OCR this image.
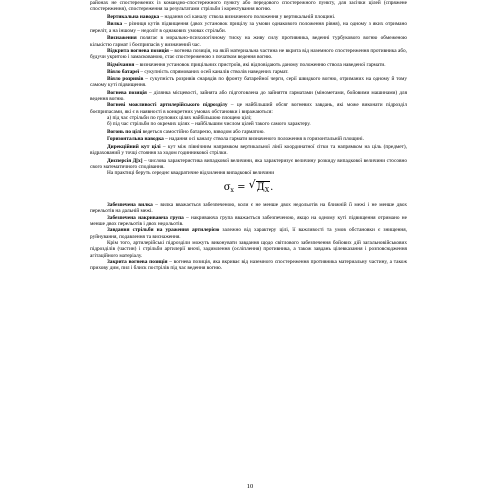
районах не спостережених із командно-спостережного пункту або передового спостережного пункту, для засічки цілей (спряжене спостереження), спостереження за результатами стрільби і коректування вогню.

Вертикальна наводка – надання осі каналу ствола визначеного положення у вертикальній площині.

Вилка – різниця кутів підвищення (двох установок прицілу за умови однакового положення рівня), на одному з яких отримано переліт, а на іншому – недоліт в однакових умовах стрільби.

Виснаження полягає в морально-психологічному тиску на живу силу противника, веденні турбукового вогню обмеженою кількістю гармат і боєприпасів у визначений час.

Відкрита вогнева позиція – вогнева позиція, на якій материальна частина не вкрита від наземного спостереження противника або, будучи укритою і замаскованою, стає спостереженою з початком ведення вогню.

Відмічання – визначення установок прицільних пристроїв, які відповідають даному положенню ствола наведеної гармати.

Віяло батареї – сукупність спрямованих осей каналів стволів наведених гармат.

Віяло розривів – сукупність розривів снарядів по фронту батарейної черги, серії швидкого вогню, отриманих на одному й тому самому куті підвищення.

Вогнева позиція – ділянка місцевості, зайнята або підготовлена до зайняття гарматами (мінометами, бойовими машинами) для ведення вогню.

Вогневі можливості артилерійського підрозділу – це найбільший обсяг вогневих завдань, які може виконати підрозділ боєприпасами, які є в наявності в конкретних умовах обстановки і виражаються:

а) під час стрільби по групових цілях найбільшою площею цілі;

б) під час стрільби по окремих цілях – найбільшим числом цілей такого самого характеру.

Вогонь по цілі ведеться самостійно батареєю, взводом або гарматою.

Горизонтальна наводка – надання осі каналу ствола гармати визначеного положення в горизонтальній площині.

Дирекційний кут цілі – кут між північним напрямком вертикальної лінії координатної сітки та напрямком на ціль (предмет), відрахований у точці стояння за ходом годинникової стрілки.

Дисперсія Д[x] – числова характеристика випадкової величини, яка характеризує величину розкиду випадкової величини стосовно свого математичного сподівання.

На практиці беруть середнє квадратичне відхилення випадкової величини

$\sigma_x$ = √ $Д_X$.

Забезпечена вилка – вилка вважається забезпеченою, коли є не менше двох недольотів на ближній її межі і не менше двох перельотів на дальній межі.

Забезпечена накриваюча група – накриваюча група вважається забезпеченою, якщо на одному куті підвищення отримано не менше двох перельотів і двох недольотів.

Завдання стрільби на ураження артилерією залежно від характеру цілі, її важливості та умов обстановки є знищення, руйнування, подавлення та виснаження.

Крім того, артилерійські підрозділи можуть виконувати завдання щодо світлового забезпечення бойових дій загальновійськових підрозділів (частин) і стрільби артилерії вночі, задимлення (осліплення) противника, а також завдань цілевказання і розповсюдження агітаційного матеріалу.

Закрита вогнева позиція – вогнева позиція, яка вкриває від наземного спостереження противника материальну частину, а також прихову дим, пил і блиск пострілів під час ведення вогню.

10
